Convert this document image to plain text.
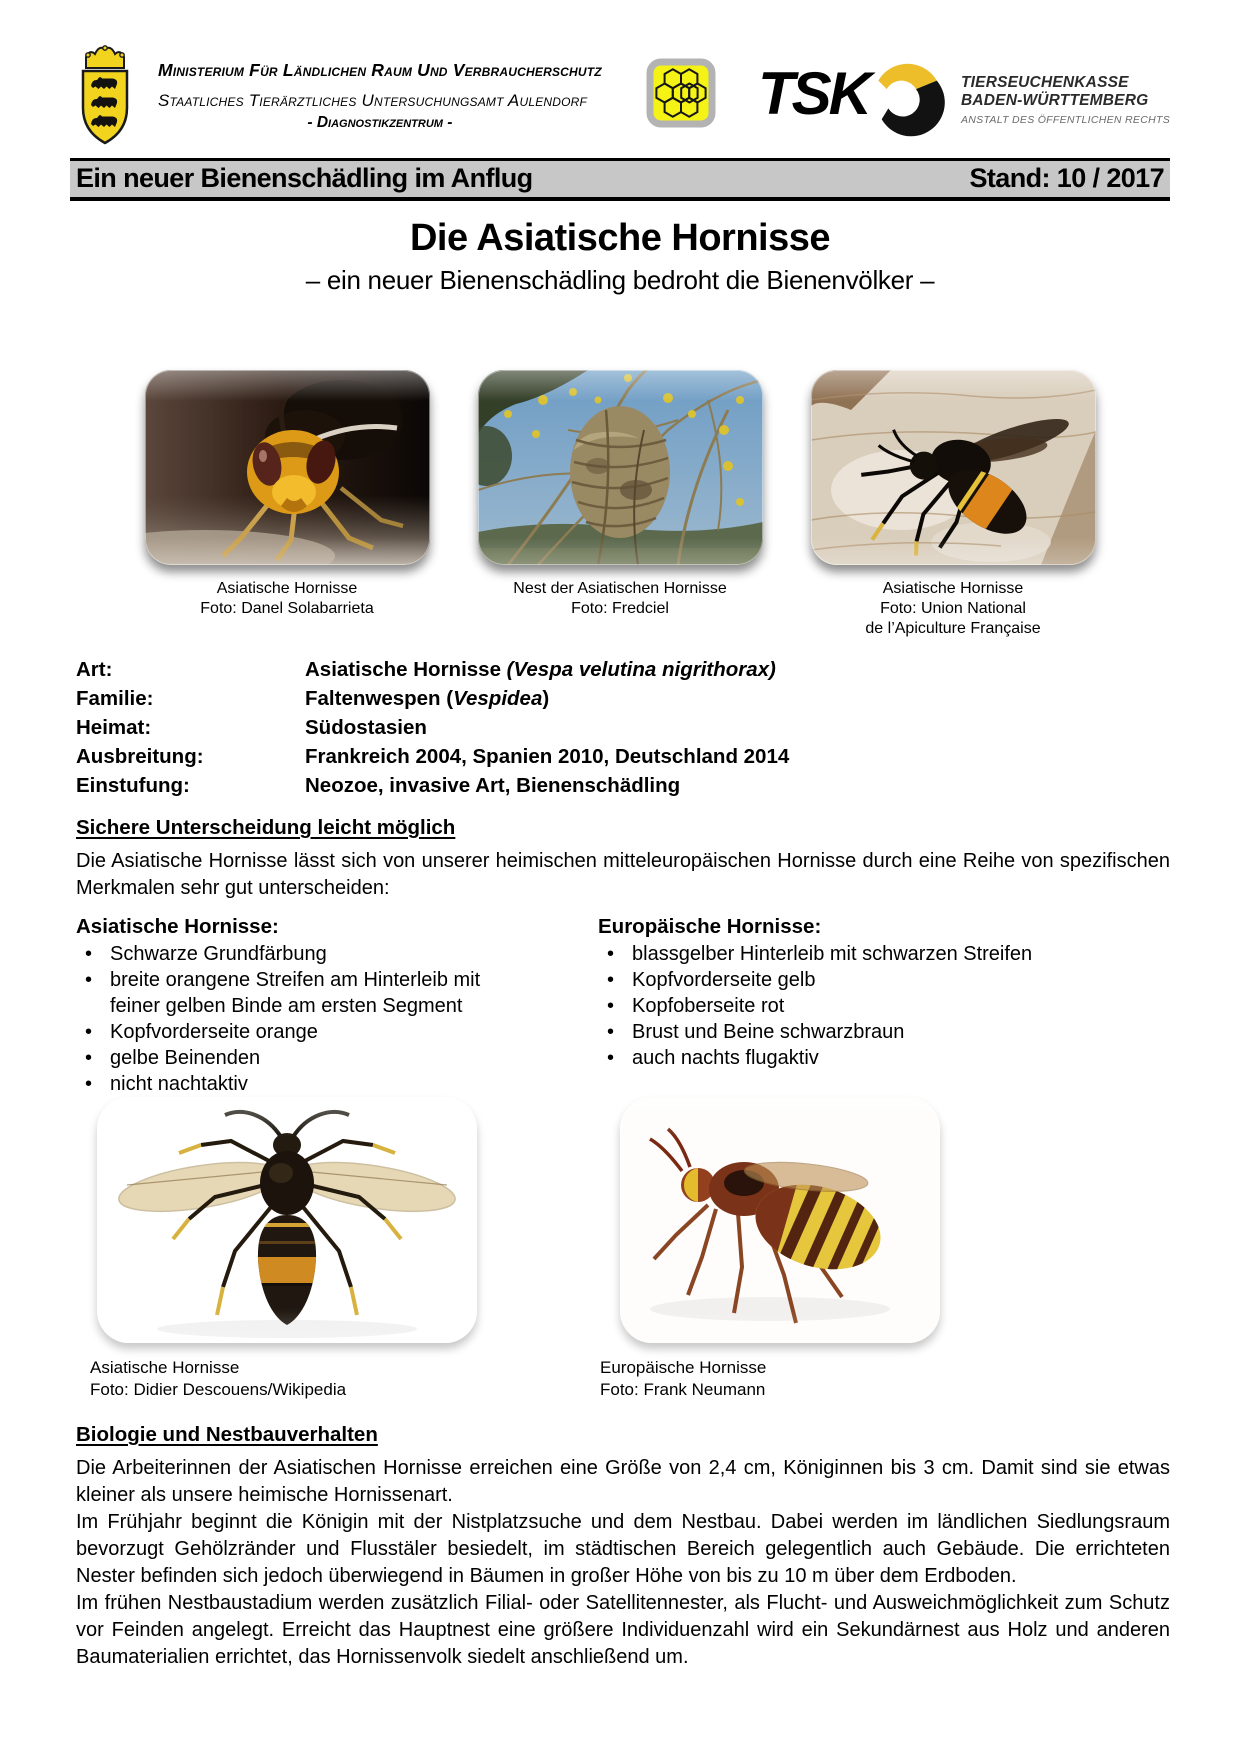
Ministerium Für Ländlichen Raum Und Verbraucherschutz
Staatliches Tierärztliches Untersuchungsamt Aulendorf
- Diagnostikzentrum -	TSK	TIERSEUCHENKASSE
BADEN-WÜRTTEMBERG
ANSTALT DES ÖFFENTLICHEN RECHTS
Ein neuer Bienenschädling im Anflug	Stand: 10 / 2017
Die Asiatische Hornisse
– ein neuer Bienenschädling bedroht die Bienenvölker –
Asiatische Hornisse
Foto: Danel Solabarrieta
Nest der Asiatischen Hornisse
Foto: Fredciel
Asiatische Hornisse
Foto: Union National
de l’Apiculture Française
Art:	Asiatische Hornisse (Vespa velutina nigrithorax)
Familie:	Faltenwespen (Vespidea)
Heimat:	Südostasien
Ausbreitung:	Frankreich 2004, Spanien 2010, Deutschland 2014
Einstufung:	Neozoe, invasive Art, Bienenschädling
Sichere Unterscheidung leicht möglich
Die Asiatische Hornisse lässt sich von unserer heimischen mitteleuropäischen Hornisse durch eine Reihe von spezifischen Merkmalen sehr gut unterscheiden:
Asiatische Hornisse:
• Schwarze Grundfärbung
• breite orangene Streifen am Hinterleib mit feiner gelben Binde am ersten Segment
• Kopfvorderseite orange
• gelbe Beinenden
• nicht nachtaktiv
Europäische Hornisse:
• blassgelber Hinterleib mit schwarzen Streifen
• Kopfvorderseite gelb
• Kopfoberseite rot
• Brust und Beine schwarzbraun
• auch nachts flugaktiv
Asiatische Hornisse
Foto: Didier Descouens/Wikipedia
Europäische Hornisse
Foto: Frank Neumann
Biologie und Nestbauverhalten

Die Arbeiterinnen der Asiatischen Hornisse erreichen eine Größe von 2,4 cm, Königinnen bis 3 cm. Damit sind sie etwas kleiner als unsere heimische Hornissenart.

Im Frühjahr beginnt die Königin mit der Nistplatzsuche und dem Nestbau. Dabei werden im ländlichen Siedlungsraum bevorzugt Gehölzränder und Flusstäler besiedelt, im städtischen Bereich gelegentlich auch Gebäude. Die errichteten Nester befinden sich jedoch überwiegend in Bäumen in großer Höhe von bis zu 10 m über dem Erdboden.

Im frühen Nestbaustadium werden zusätzlich Filial- oder Satellitennester, als Flucht- und Ausweichmöglichkeit zum Schutz vor Feinden angelegt. Erreicht das Hauptnest eine größere Individuenzahl wird ein Sekundärnest aus Holz und anderen Baumaterialien errichtet, das Hornissenvolk siedelt anschließend um.
